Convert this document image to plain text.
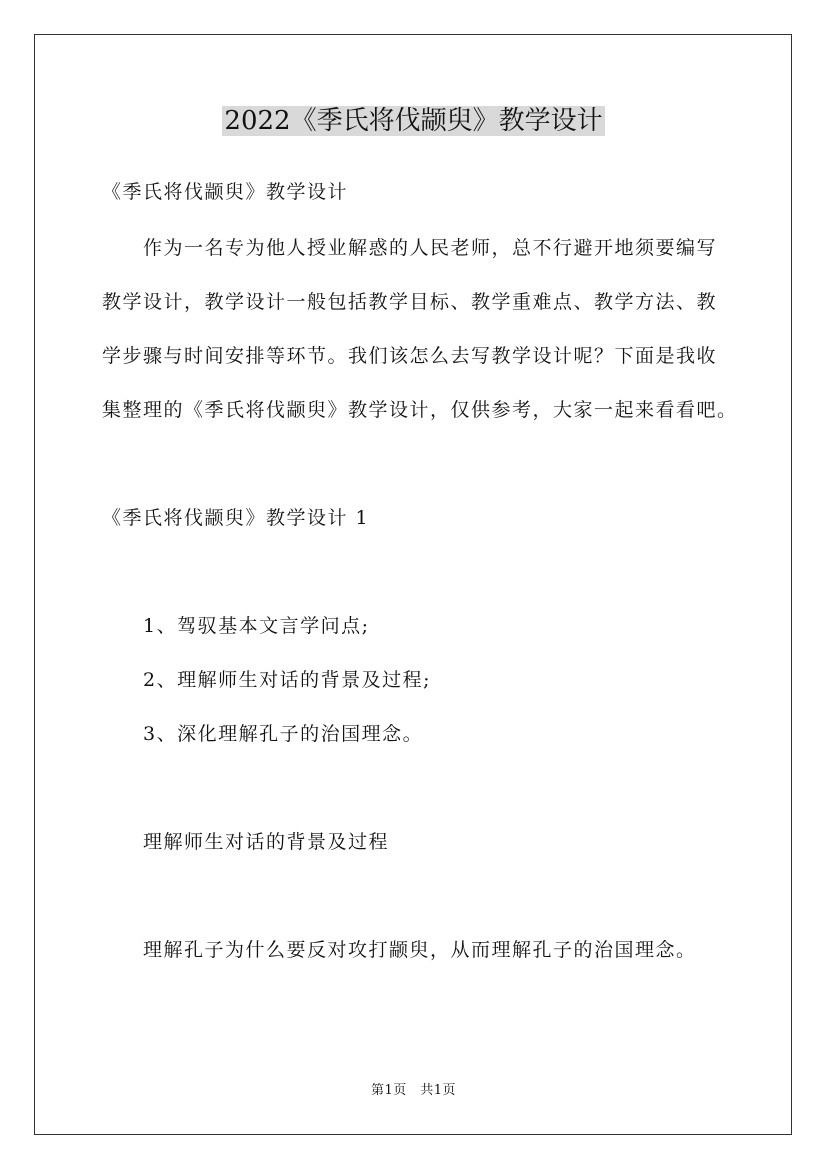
2022《季氏将伐颛臾》教学设计
《季氏将伐颛臾》教学设计
作为一名专为他人授业解惑的人民老师，总不行避开地须要编写
教学设计，教学设计一般包括教学目标、教学重难点、教学方法、教
学步骤与时间安排等环节。我们该怎么去写教学设计呢？下面是我收
集整理的《季氏将伐颛臾》教学设计，仅供参考，大家一起来看看吧。
《季氏将伐颛臾》教学设计 1
1、驾驭基本文言学问点;
2、理解师生对话的背景及过程;
3、深化理解孔子的治国理念。
理解师生对话的背景及过程
理解孔子为什么要反对攻打颛臾，从而理解孔子的治国理念。
第1页　共1页
